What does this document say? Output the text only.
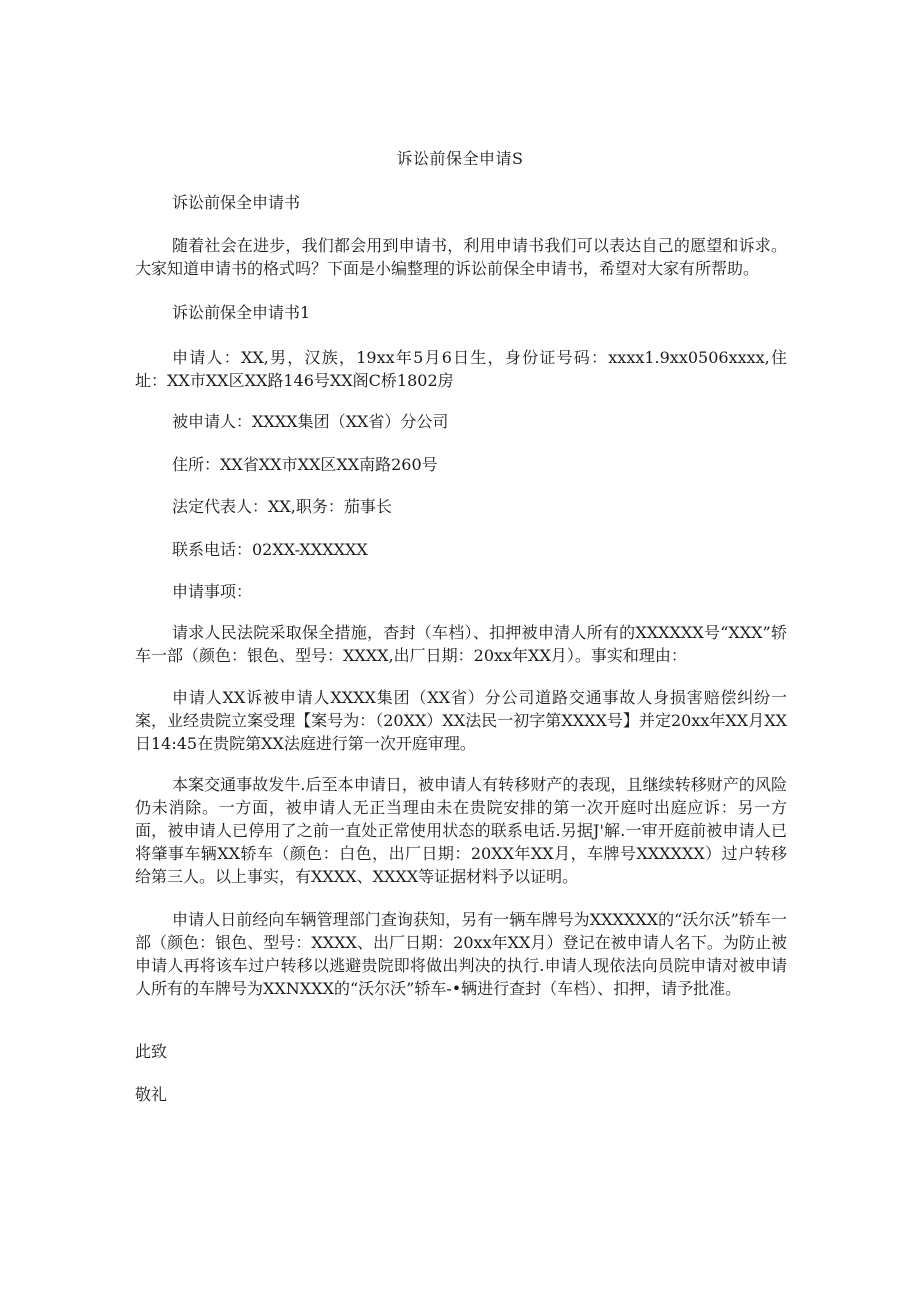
诉讼前保全申请S
诉讼前保全申请书
随着社会在进步，我们都会用到申请书，利用申请书我们可以表达自己的愿望和诉求。大家知道申请书的格式吗？下面是小编整理的诉讼前保全申请书，希望对大家有所帮助。
诉讼前保全申请书1
申请人：XX,男，汉族，19xx年5月6日生，身份证号码：xxxx1.9xx0506xxxx,住址：XX市XX区XX路146号XX阁C桥1802房
被申请人：XXXX集团（XX省）分公司
住所：XX省XX市XX区XX南路260号
法定代表人：XX,职务：茄事长
联系电话：02XX-XXXXXX
申请事项：
请求人民法院采取保全措施，杳封（车档）、扣押被申清人所有的XXXXXX号“XXX”轿车一部（颜色：银色、型号：XXXX,出厂日期：20xx年XX月）。事实和理由：
申请人XX诉被申请人XXXX集团（XX省）分公司道路交通事故人身损害赔偿纠纷一案，业经贵院立案受理【案号为：（20XX）XX法民一初字第XXXX号】并定20xx年XX月XX日14:45在贵院第XX法庭进行第一次开庭审理。
本案交通事故发牛.后至本申请日，被申请人有转移财产的表现，且继续转移财产的风险仍未消除。一方面，被申请人无正当理由未在贵院安排的第一次开庭吋出庭应诉：另一方面，被申请人已停用了之前一直处正常使用状态的联系电话.另据J'解.一审开庭前被申请人已将肇事车辆XX轿车（颜色：白色，出厂日期：20XX年XX月，车牌号XXXXXX）过户转移给第三人。以上事实，有XXXX、XXXX等证据材料予以证明。
申请人日前经向车辆管理部门查询获知，另有一辆车牌号为XXXXXX的“沃尔沃”轿车一部（颜色：银色、型号：XXXX、出厂日期：20xx年XX月）登记在被申请人名下。为防止被申请人再将该车过户转移以逃避贵院即将做出判决的执行.申请人现依法向员院申请对被申请人所有的车牌号为XXNXXX的“沃尔沃”轿车-•辆进行查封（车档）、扣押，请予批准。
此致
敬礼
